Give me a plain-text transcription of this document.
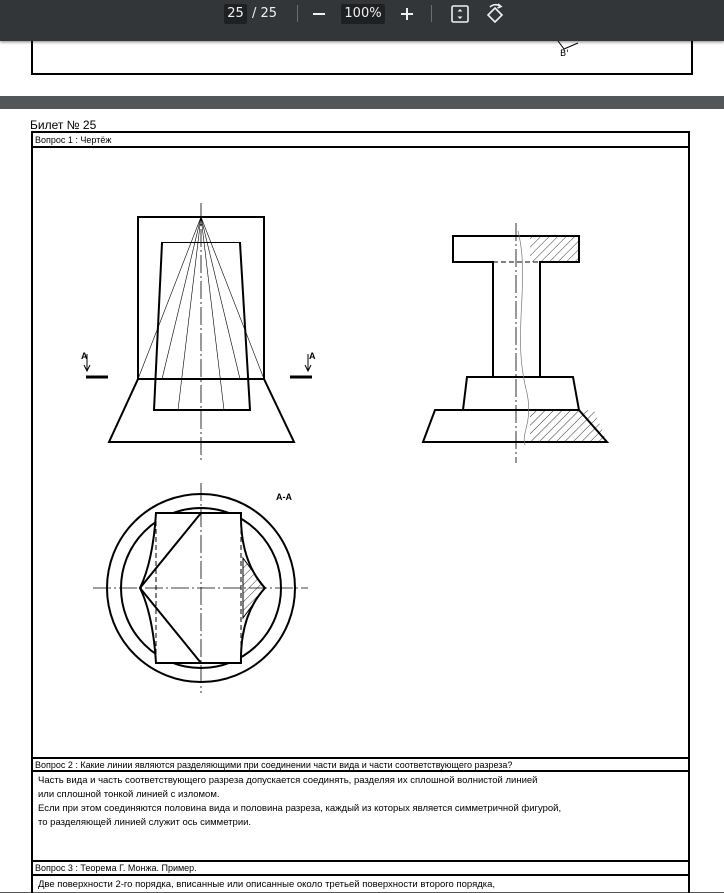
25 / 25	100%
B'
Билет № 25
Вопрос 1 : Чертёж
A	A
A-A
Вопрос 2 : Какие линии являются разделяющими при соединении части вида и части соответствующего разреза?
Часть вида и часть соответствующего разреза допускается соединять, разделяя их сплошной волнистой линией
или сплошной тонкой линией с изломом.
Если при этом соединяются половина вида и половина разреза, каждый из которых является симметричной фигурой,
то разделяющей линией служит ось симметрии.
Вопрос 3 : Теорема Г. Монжа. Пример.
Две поверхности 2-го порядка, вписанные или описанные около третьей поверхности второго порядка,
